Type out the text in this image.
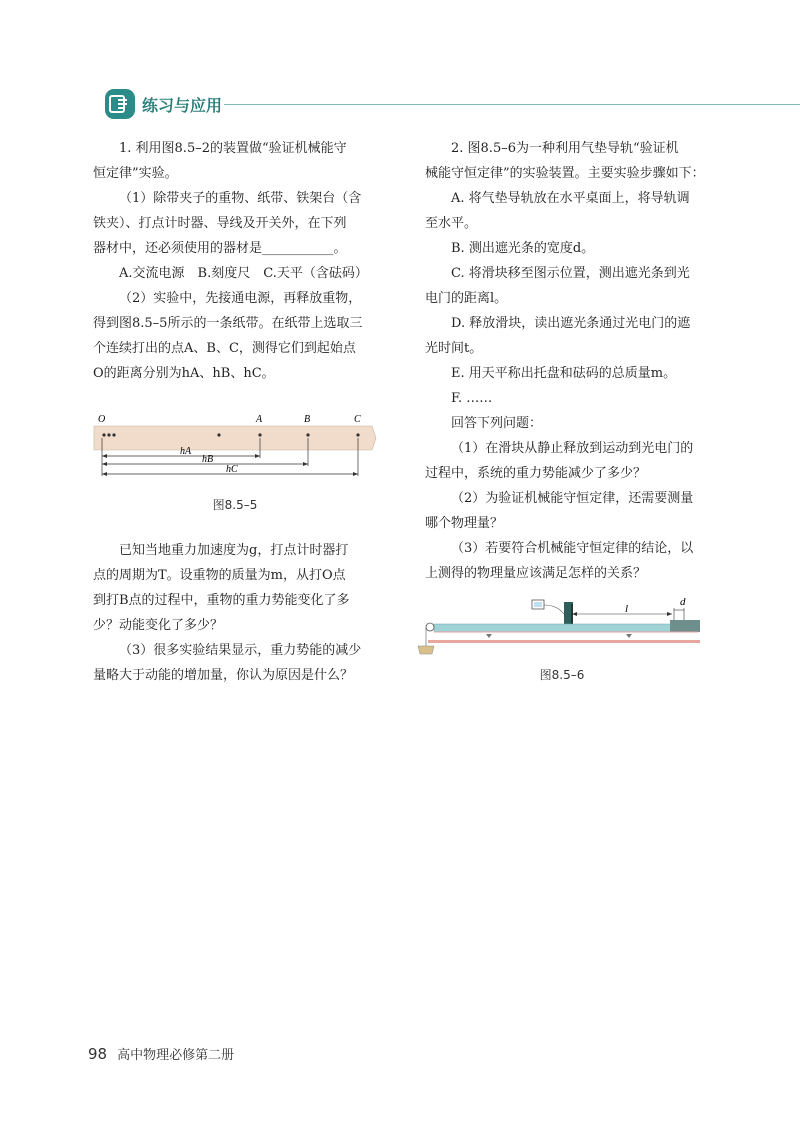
练习与应用

1. 利用图8.5–2的装置做“验证机械能守

恒定律”实验。

（1）除带夹子的重物、纸带、铁架台（含

铁夹）、打点计时器、导线及开关外，在下列

器材中，还必须使用的器材是___________。

A.交流电源　B.刻度尺　C.天平（含砝码）

（2）实验中，先接通电源，再释放重物，

得到图8.5–5所示的一条纸带。在纸带上选取三

个连续打出的点A、B、C，测得它们到起始点

O的距离分别为hA、hB、hC。

O	A	B	C
hA
hB
hC
图8.5–5

已知当地重力加速度为g，打点计时器打

点的周期为T。设重物的质量为m，从打O点

到打B点的过程中，重物的重力势能变化了多

少？动能变化了多少？

（3）很多实验结果显示，重力势能的减少

量略大于动能的增加量，你认为原因是什么？

2. 图8.5–6为一种利用气垫导轨“验证机

械能守恒定律”的实验装置。主要实验步骤如下：

A. 将气垫导轨放在水平桌面上，将导轨调

至水平。

B. 测出遮光条的宽度d。

C. 将滑块移至图示位置，测出遮光条到光

电门的距离l。

D. 释放滑块，读出遮光条通过光电门的遮

光时间t。

E. 用天平称出托盘和砝码的总质量m。

F. ……

回答下列问题：

（1）在滑块从静止释放到运动到光电门的

过程中，系统的重力势能减少了多少？

（2）为验证机械能守恒定律，还需要测量

哪个物理量？

（3）若要符合机械能守恒定律的结论，以

上测得的物理量应该满足怎样的关系？

l
d
图8.5–6
98 高中物理必修第二册
